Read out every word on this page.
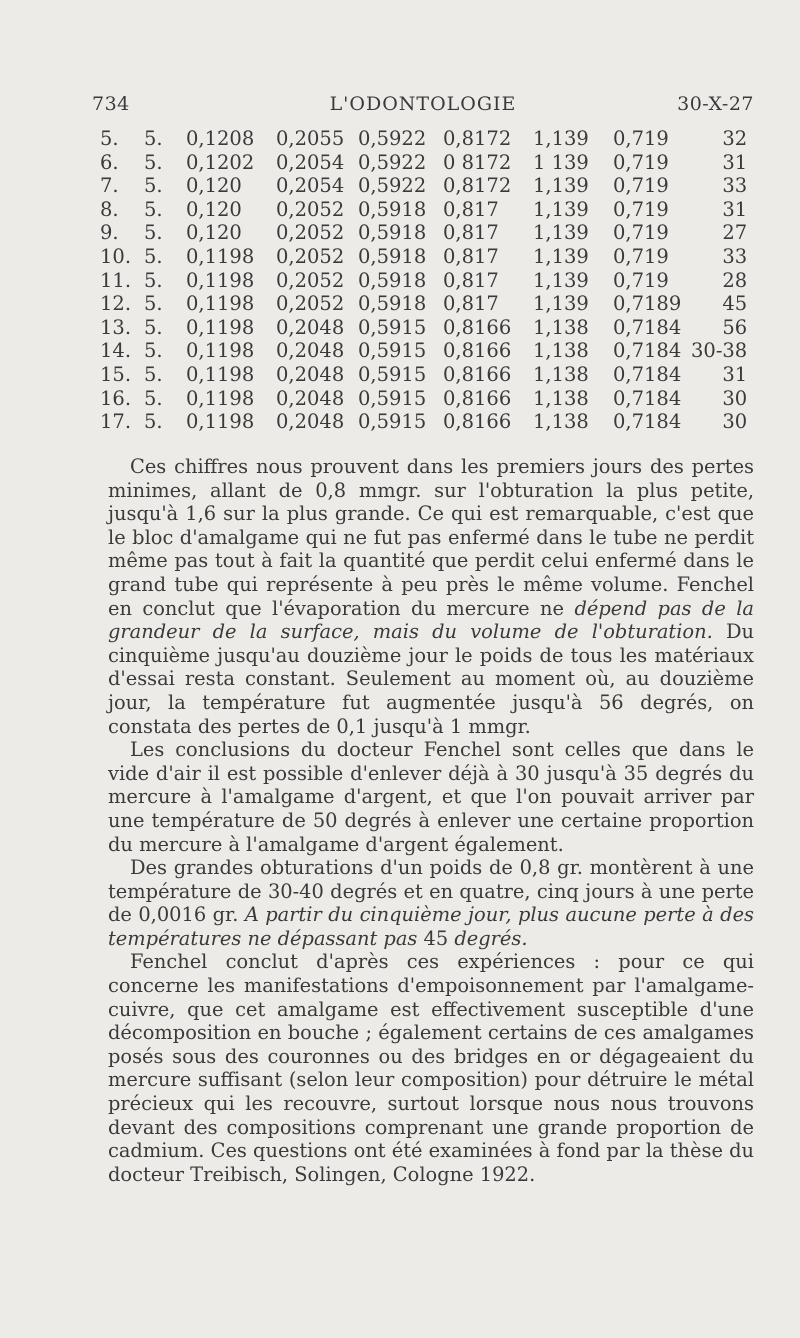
734	L'ODONTOLOGIE	30-X-27
5.	5.	0,1208	0,2055	0,5922	0,8172	1,139	0,719	32
6.	5.	0,1202	0,2054	0,5922	0 8172	1 139	0,719	31
7.	5.	0,120	0,2054	0,5922	0,8172	1,139	0,719	33
8.	5.	0,120	0,2052	0,5918	0,817	1,139	0,719	31
9.	5.	0,120	0,2052	0,5918	0,817	1,139	0,719	27
10.	5.	0,1198	0,2052	0,5918	0,817	1,139	0,719	33
11.	5.	0,1198	0,2052	0,5918	0,817	1,139	0,719	28
12.	5.	0,1198	0,2052	0,5918	0,817	1,139	0,7189	45
13.	5.	0,1198	0,2048	0,5915	0,8166	1,138	0,7184	56
14.	5.	0,1198	0,2048	0,5915	0,8166	1,138	0,7184	30-38
15.	5.	0,1198	0,2048	0,5915	0,8166	1,138	0,7184	31
16.	5.	0,1198	0,2048	0,5915	0,8166	1,138	0,7184	30
17.	5.	0,1198	0,2048	0,5915	0,8166	1,138	0,7184	30

Ces chiffres nous prouvent dans les premiers jours des pertes minimes, allant de 0,8 mmgr. sur l'obturation la plus petite, jusqu'à 1,6 sur la plus grande. Ce qui est remarquable, c'est que le bloc d'amalgame qui ne fut pas enfermé dans le tube ne perdit même pas tout à fait la quantité que perdit celui enfermé dans le grand tube qui représente à peu près le même volume. Fenchel en conclut que l'évaporation du mercure ne dépend pas de la grandeur de la surface, mais du volume de l'obturation. Du cinquième jusqu'au douzième jour le poids de tous les matériaux d'essai resta constant. Seulement au moment où, au douzième jour, la température fut augmentée jusqu'à 56 degrés, on constata des pertes de 0,1 jusqu'à 1 mmgr.

Les conclusions du docteur Fenchel sont celles que dans le vide d'air il est possible d'enlever déjà à 30 jusqu'à 35 degrés du mercure à l'amalgame d'argent, et que l'on pouvait arriver par une température de 50 degrés à enlever une certaine proportion du mercure à l'amalgame d'argent également.

Des grandes obturations d'un poids de 0,8 gr. montèrent à une température de 30-40 degrés et en quatre, cinq jours à une perte de 0,0016 gr. A partir du cinquième jour, plus aucune perte à des températures ne dépassant pas 45 degrés.

Fenchel conclut d'après ces expériences : pour ce qui concerne les manifestations d'empoisonnement par l'amalgame-cuivre, que cet amalgame est effectivement susceptible d'une décomposition en bouche ; également certains de ces amalgames posés sous des couronnes ou des bridges en or dégageaient du mercure suffisant (selon leur composition) pour détruire le métal précieux qui les recouvre, surtout lorsque nous nous trouvons devant des compositions comprenant une grande proportion de cadmium. Ces questions ont été examinées à fond par la thèse du docteur Treibisch, Solingen, Cologne 1922.
